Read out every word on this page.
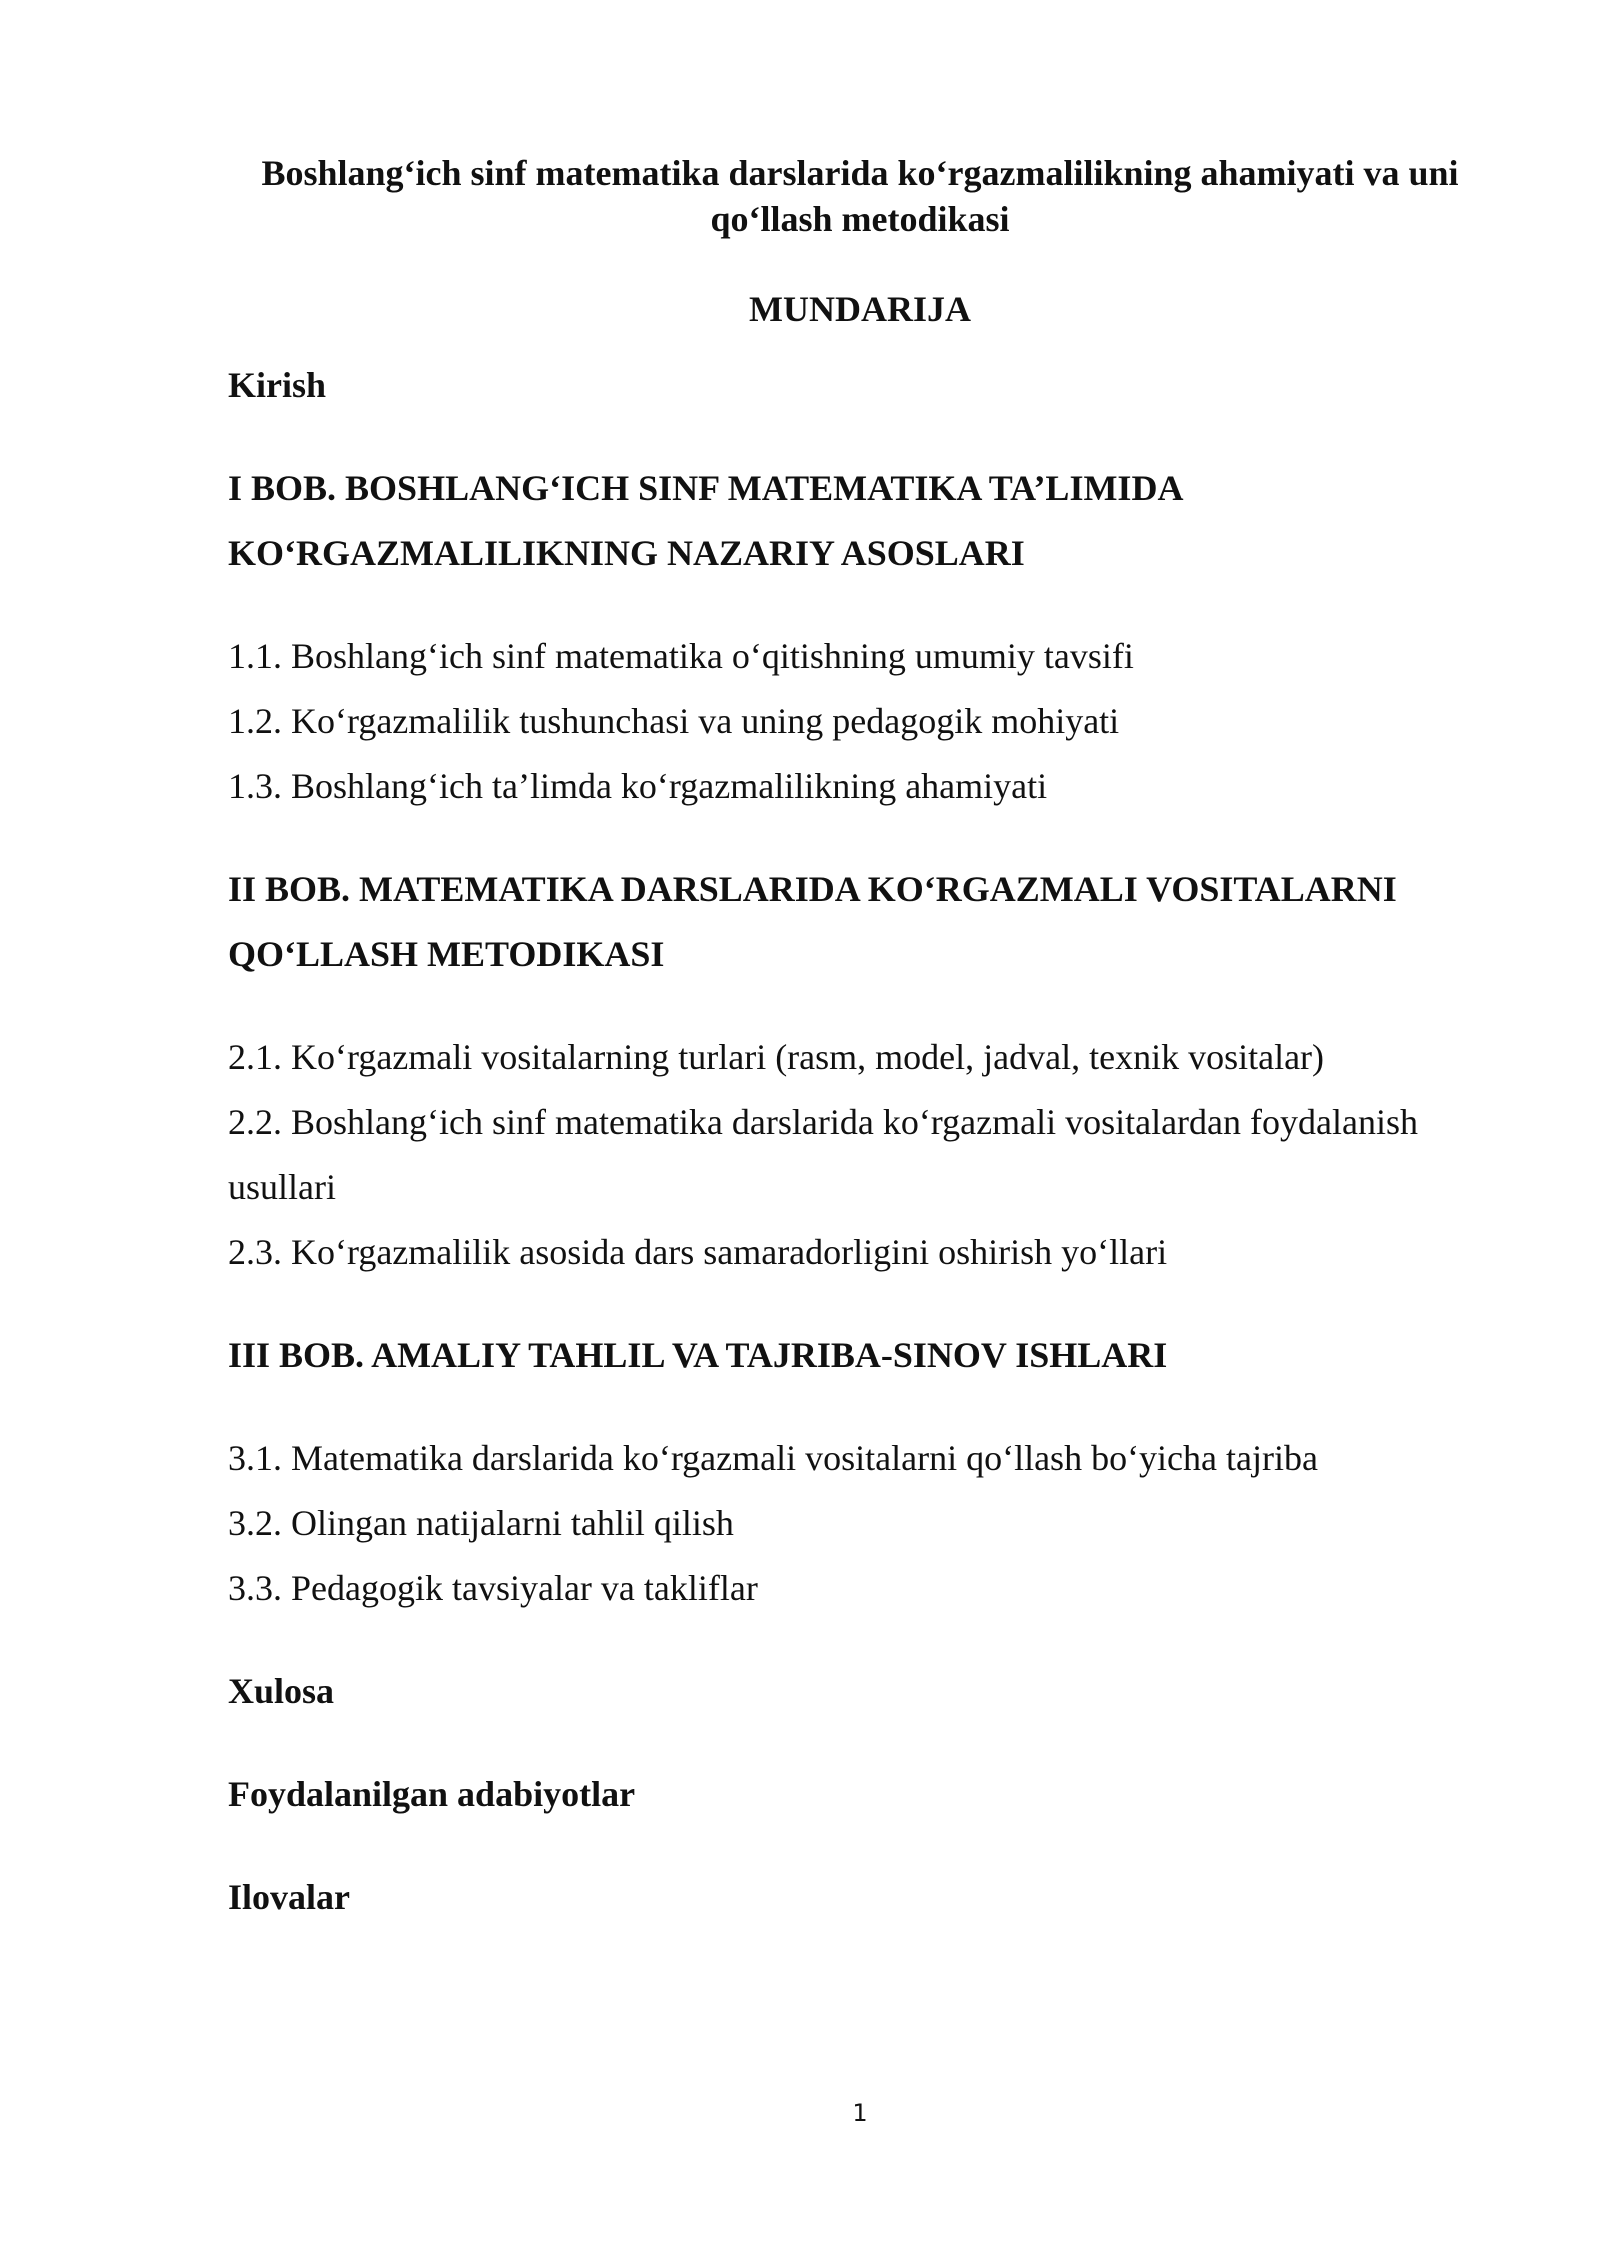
Boshlang‘ich sinf matematika darslarida ko‘rgazmalilikning ahamiyati va uni qo‘llash metodikasi
MUNDARIJA

Kirish

I BOB. BOSHLANG‘ICH SINF MATEMATIKA TA’LIMIDA

KO‘RGAZMALILIKNING NAZARIY ASOSLARI

1.1. Boshlang‘ich sinf matematika o‘qitishning umumiy tavsifi

1.2. Ko‘rgazmalilik tushunchasi va uning pedagogik mohiyati

1.3. Boshlang‘ich ta’limda ko‘rgazmalilikning ahamiyati

II BOB. MATEMATIKA DARSLARIDA KO‘RGAZMALI VOSITALARNI

QO‘LLASH METODIKASI

2.1. Ko‘rgazmali vositalarning turlari (rasm, model, jadval, texnik vositalar)

2.2. Boshlang‘ich sinf matematika darslarida ko‘rgazmali vositalardan foydalanish

usullari

2.3. Ko‘rgazmalilik asosida dars samaradorligini oshirish yo‘llari

III BOB. AMALIY TAHLIL VA TAJRIBA-SINOV ISHLARI

3.1. Matematika darslarida ko‘rgazmali vositalarni qo‘llash bo‘yicha tajriba

3.2. Olingan natijalarni tahlil qilish

3.3. Pedagogik tavsiyalar va takliflar

Xulosa

Foydalanilgan adabiyotlar

Ilovalar

1
